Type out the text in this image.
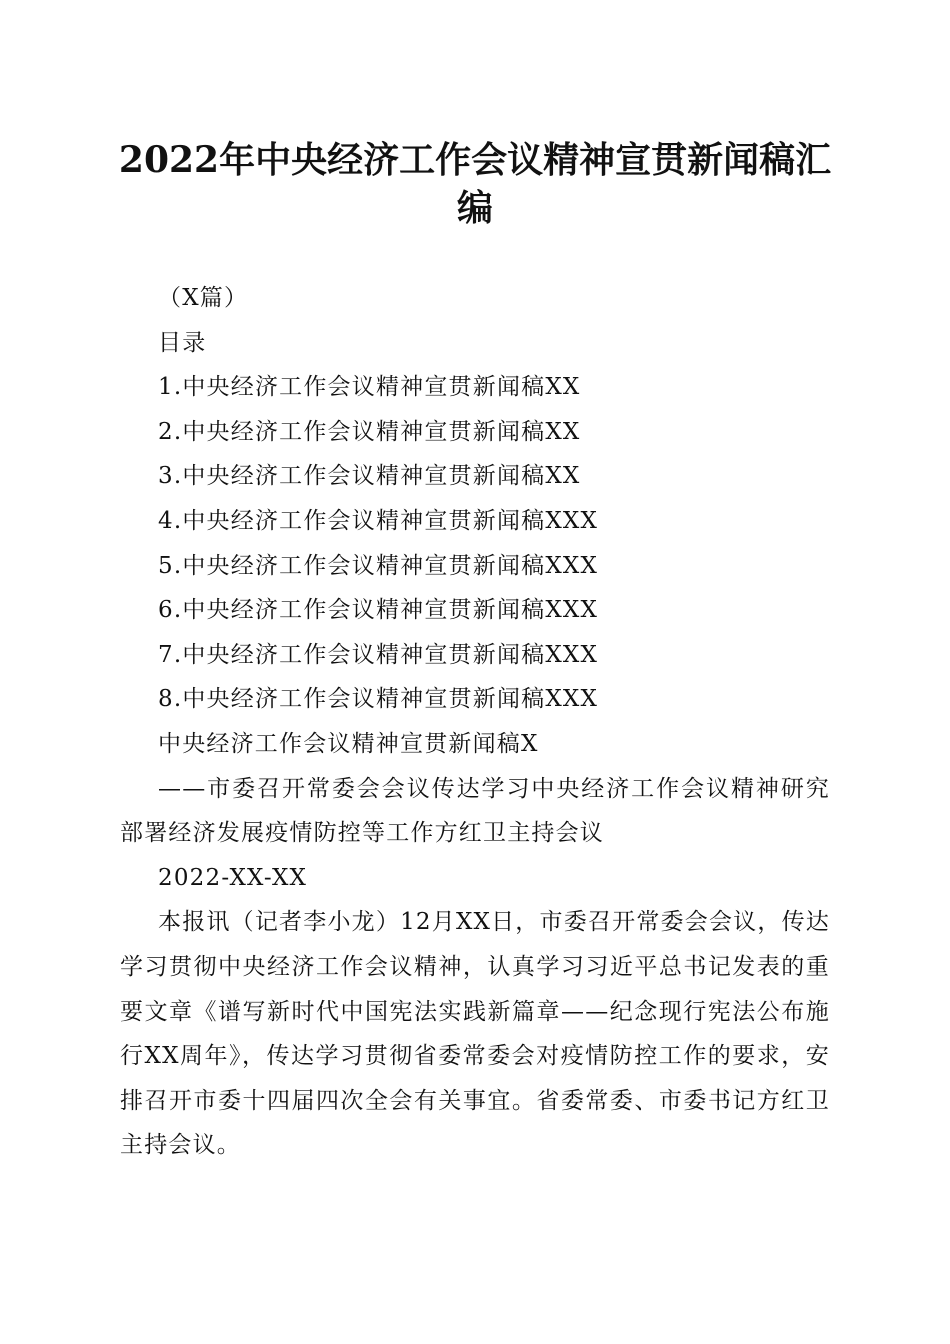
2022年中央经济工作会议精神宣贯新闻稿汇编

（X篇）

目录

1.中央经济工作会议精神宣贯新闻稿XX

2.中央经济工作会议精神宣贯新闻稿XX

3.中央经济工作会议精神宣贯新闻稿XX

4.中央经济工作会议精神宣贯新闻稿XXX

5.中央经济工作会议精神宣贯新闻稿XXX

6.中央经济工作会议精神宣贯新闻稿XXX

7.中央经济工作会议精神宣贯新闻稿XXX

8.中央经济工作会议精神宣贯新闻稿XXX

中央经济工作会议精神宣贯新闻稿X

——市委召开常委会会议传达学习中央经济工作会议精神研究部署经济发展疫情防控等工作方红卫主持会议

2022-XX-XX

本报讯（记者李小龙）12月XX日，市委召开常委会会议，传达学习贯彻中央经济工作会议精神，认真学习习近平总书记发表的重要文章《谱写新时代中国宪法实践新篇章——纪念现行宪法公布施行XX周年》，传达学习贯彻省委常委会对疫情防控工作的要求，安排召开市委十四届四次全会有关事宜。省委常委、市委书记方红卫主持会议。
